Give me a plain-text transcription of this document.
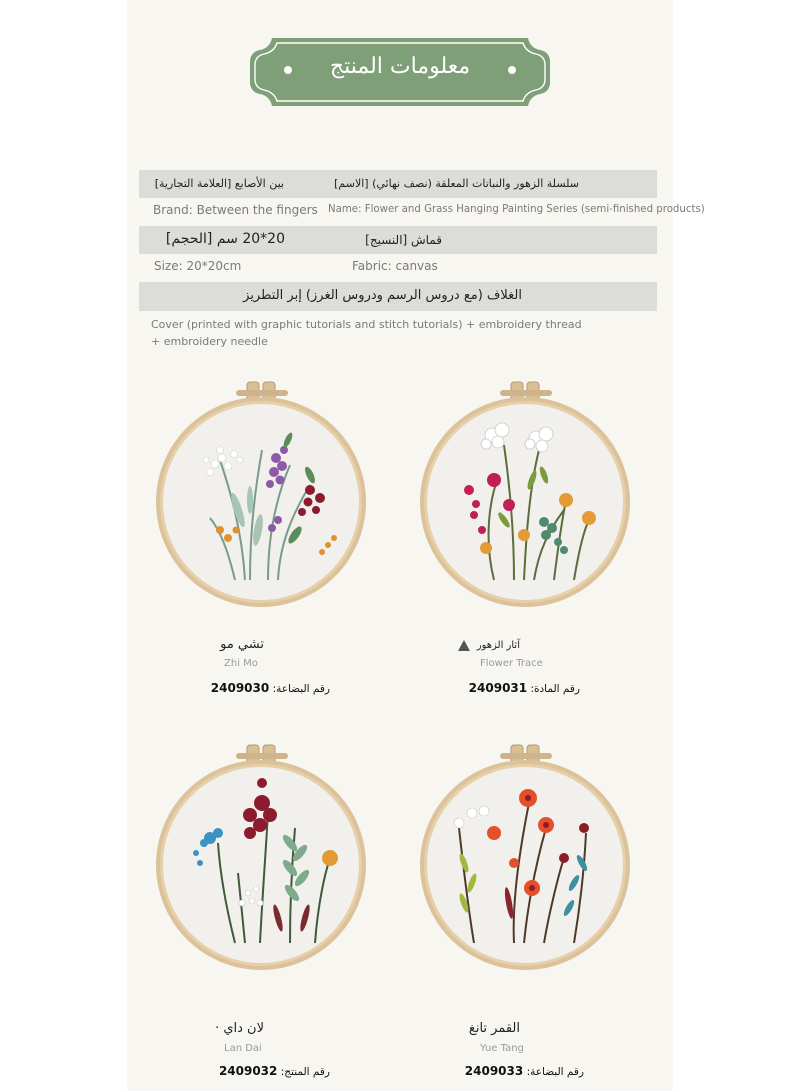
معلومات المنتج
سلسلة الزهور والنباتات المعلقة (نصف نهائي) [الاسم]
بين الأصابع [العلامة التجارية]
Brand: Between the fingers Name: Flower and Grass Hanging Painting Series (semi-finished products)
20*20 سم [الحجم]	قماش [النسيج]
Size: 20*20cm	Fabric: canvas
الغلاف (مع دروس الرسم ودروس الغرز) إبر التطريز
Cover (printed with graphic tutorials and stitch tutorials) + embroidery thread
+ embroidery needle
تشي مو
Zhi Mo
رقم البضاعة: 2409030
آثار الزهور
Flower Trace
رقم المادة: 2409031
لان داي ·
Lan Dai
رقم المنتج: 2409032
القمر تانغ
Yue Tang
رقم البضاعة: 2409033
